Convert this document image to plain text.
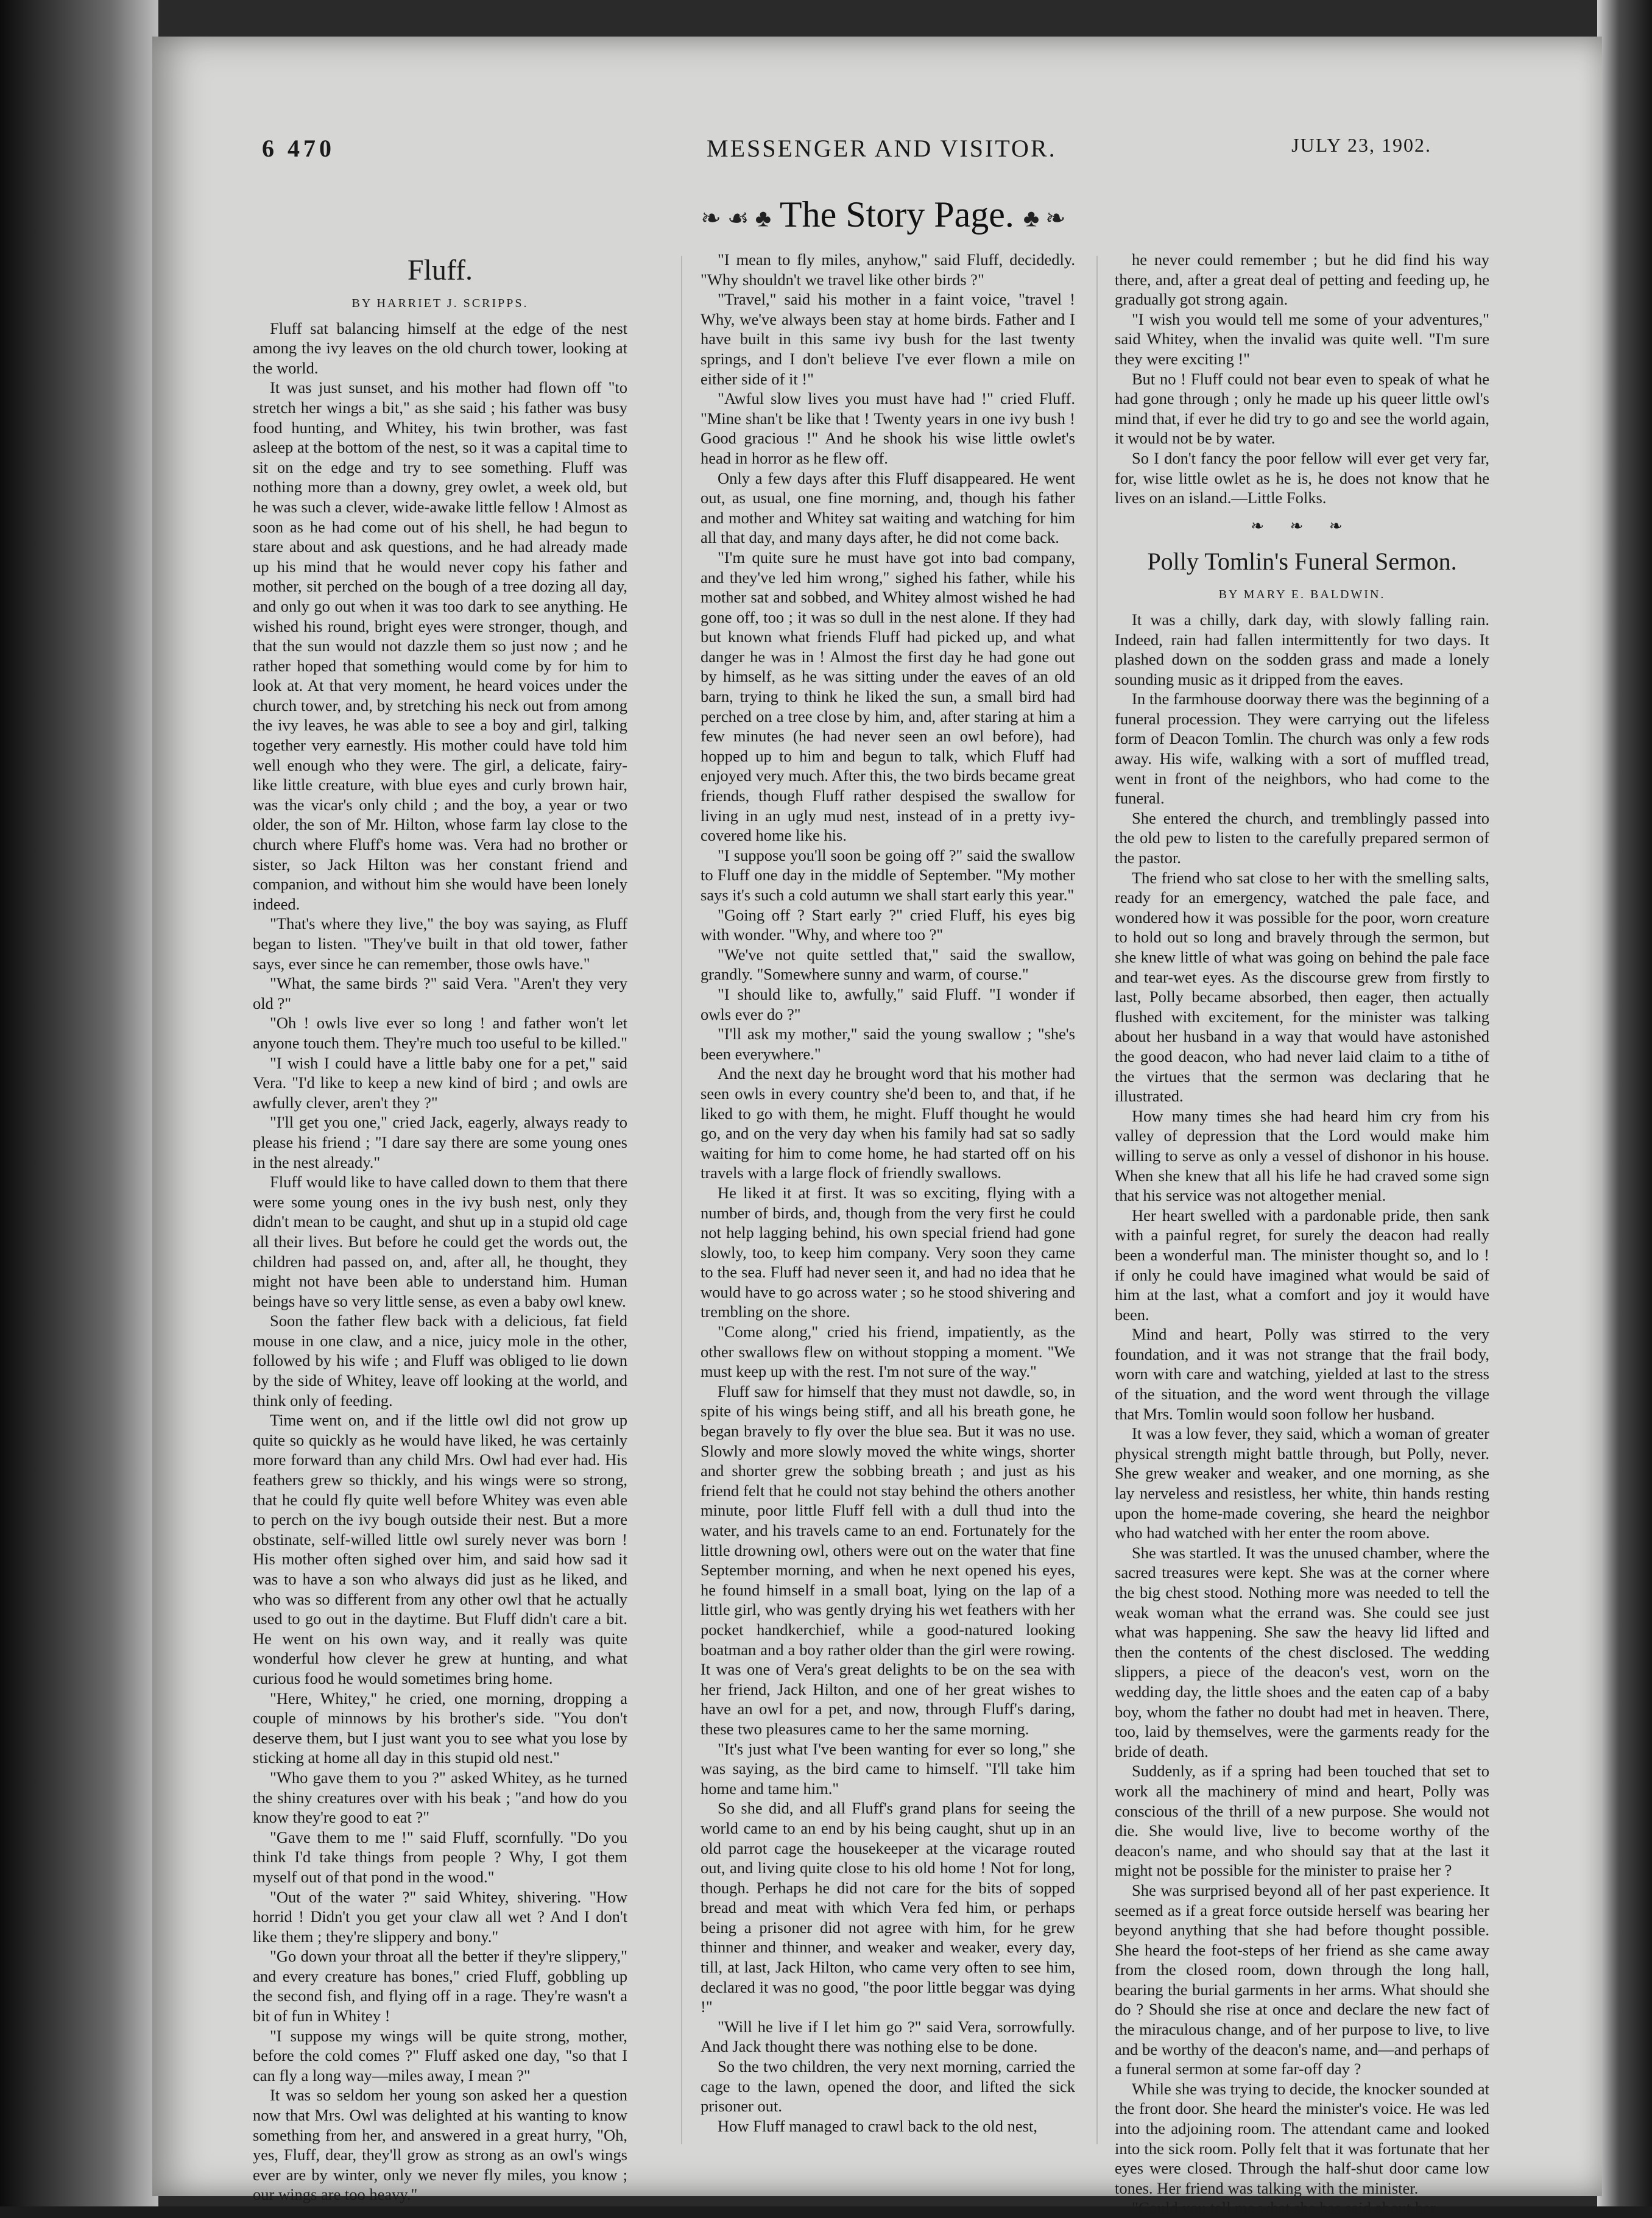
6 470	MESSENGER AND VISITOR.	JULY 23, 1902.
❧ ☙ ♣ The Story Page. ♣ ❧
Fluff.
BY HARRIET J. SCRIPPS.

Fluff sat balancing himself at the edge of the nest among the ivy leaves on the old church tower, looking at the world.

It was just sunset, and his mother had flown off "to stretch her wings a bit," as she said ; his father was busy food hunting, and Whitey, his twin brother, was fast asleep at the bottom of the nest, so it was a capital time to sit on the edge and try to see something. Fluff was nothing more than a downy, grey owlet, a week old, but he was such a clever, wide-awake little fellow ! Almost as soon as he had come out of his shell, he had begun to stare about and ask questions, and he had already made up his mind that he would never copy his father and mother, sit perched on the bough of a tree dozing all day, and only go out when it was too dark to see anything. He wished his round, bright eyes were stronger, though, and that the sun would not dazzle them so just now ; and he rather hoped that something would come by for him to look at. At that very moment, he heard voices under the church tower, and, by stretching his neck out from among the ivy leaves, he was able to see a boy and girl, talking together very earnestly. His mother could have told him well enough who they were. The girl, a delicate, fairy-like little creature, with blue eyes and curly brown hair, was the vicar's only child ; and the boy, a year or two older, the son of Mr. Hilton, whose farm lay close to the church where Fluff's home was. Vera had no brother or sister, so Jack Hilton was her constant friend and companion, and without him she would have been lonely indeed.

"That's where they live," the boy was saying, as Fluff began to listen. "They've built in that old tower, father says, ever since he can remember, those owls have."

"What, the same birds ?" said Vera. "Aren't they very old ?"

"Oh ! owls live ever so long ! and father won't let anyone touch them. They're much too useful to be killed."

"I wish I could have a little baby one for a pet," said Vera. "I'd like to keep a new kind of bird ; and owls are awfully clever, aren't they ?"

"I'll get you one," cried Jack, eagerly, always ready to please his friend ; "I dare say there are some young ones in the nest already."

Fluff would like to have called down to them that there were some young ones in the ivy bush nest, only they didn't mean to be caught, and shut up in a stupid old cage all their lives. But before he could get the words out, the children had passed on, and, after all, he thought, they might not have been able to understand him. Human beings have so very little sense, as even a baby owl knew.

Soon the father flew back with a delicious, fat field mouse in one claw, and a nice, juicy mole in the other, followed by his wife ; and Fluff was obliged to lie down by the side of Whitey, leave off looking at the world, and think only of feeding.

Time went on, and if the little owl did not grow up quite so quickly as he would have liked, he was certainly more forward than any child Mrs. Owl had ever had. His feathers grew so thickly, and his wings were so strong, that he could fly quite well before Whitey was even able to perch on the ivy bough outside their nest. But a more obstinate, self-willed little owl surely never was born ! His mother often sighed over him, and said how sad it was to have a son who always did just as he liked, and who was so different from any other owl that he actually used to go out in the daytime. But Fluff didn't care a bit. He went on his own way, and it really was quite wonderful how clever he grew at hunting, and what curious food he would sometimes bring home.

"Here, Whitey," he cried, one morning, dropping a couple of minnows by his brother's side. "You don't deserve them, but I just want you to see what you lose by sticking at home all day in this stupid old nest."

"Who gave them to you ?" asked Whitey, as he turned the shiny creatures over with his beak ; "and how do you know they're good to eat ?"

"Gave them to me !" said Fluff, scornfully. "Do you think I'd take things from people ? Why, I got them myself out of that pond in the wood."

"Out of the water ?" said Whitey, shivering. "How horrid ! Didn't you get your claw all wet ? And I don't like them ; they're slippery and bony."

"Go down your throat all the better if they're slippery," and every creature has bones," cried Fluff, gobbling up the second fish, and flying off in a rage. They're wasn't a bit of fun in Whitey !

"I suppose my wings will be quite strong, mother, before the cold comes ?" Fluff asked one day, "so that I can fly a long way—miles away, I mean ?"

It was so seldom her young son asked her a question now that Mrs. Owl was delighted at his wanting to know something from her, and answered in a great hurry, "Oh, yes, Fluff, dear, they'll grow as strong as an owl's wings ever are by winter, only we never fly miles, you know ; our wings are too heavy."

"I mean to fly miles, anyhow," said Fluff, decidedly. "Why shouldn't we travel like other birds ?"

"Travel," said his mother in a faint voice, "travel ! Why, we've always been stay at home birds. Father and I have built in this same ivy bush for the last twenty springs, and I don't believe I've ever flown a mile on either side of it !"

"Awful slow lives you must have had !" cried Fluff. "Mine shan't be like that ! Twenty years in one ivy bush ! Good gracious !" And he shook his wise little owlet's head in horror as he flew off.

Only a few days after this Fluff disappeared. He went out, as usual, one fine morning, and, though his father and mother and Whitey sat waiting and watching for him all that day, and many days after, he did not come back.

"I'm quite sure he must have got into bad company, and they've led him wrong," sighed his father, while his mother sat and sobbed, and Whitey almost wished he had gone off, too ; it was so dull in the nest alone. If they had but known what friends Fluff had picked up, and what danger he was in ! Almost the first day he had gone out by himself, as he was sitting under the eaves of an old barn, trying to think he liked the sun, a small bird had perched on a tree close by him, and, after staring at him a few minutes (he had never seen an owl before), had hopped up to him and begun to talk, which Fluff had enjoyed very much. After this, the two birds became great friends, though Fluff rather despised the swallow for living in an ugly mud nest, instead of in a pretty ivy-covered home like his.

"I suppose you'll soon be going off ?" said the swallow to Fluff one day in the middle of September. "My mother says it's such a cold autumn we shall start early this year."

"Going off ? Start early ?" cried Fluff, his eyes big with wonder. "Why, and where too ?"

"We've not quite settled that," said the swallow, grandly. "Somewhere sunny and warm, of course."

"I should like to, awfully," said Fluff. "I wonder if owls ever do ?"

"I'll ask my mother," said the young swallow ; "she's been everywhere."

And the next day he brought word that his mother had seen owls in every country she'd been to, and that, if he liked to go with them, he might. Fluff thought he would go, and on the very day when his family had sat so sadly waiting for him to come home, he had started off on his travels with a large flock of friendly swallows.

He liked it at first. It was so exciting, flying with a number of birds, and, though from the very first he could not help lagging behind, his own special friend had gone slowly, too, to keep him company. Very soon they came to the sea. Fluff had never seen it, and had no idea that he would have to go across water ; so he stood shivering and trembling on the shore.

"Come along," cried his friend, impatiently, as the other swallows flew on without stopping a moment. "We must keep up with the rest. I'm not sure of the way."

Fluff saw for himself that they must not dawdle, so, in spite of his wings being stiff, and all his breath gone, he began bravely to fly over the blue sea. But it was no use. Slowly and more slowly moved the white wings, shorter and shorter grew the sobbing breath ; and just as his friend felt that he could not stay behind the others another minute, poor little Fluff fell with a dull thud into the water, and his travels came to an end. Fortunately for the little drowning owl, others were out on the water that fine September morning, and when he next opened his eyes, he found himself in a small boat, lying on the lap of a little girl, who was gently drying his wet feathers with her pocket handkerchief, while a good-natured looking boatman and a boy rather older than the girl were rowing. It was one of Vera's great delights to be on the sea with her friend, Jack Hilton, and one of her great wishes to have an owl for a pet, and now, through Fluff's daring, these two pleasures came to her the same morning.

"It's just what I've been wanting for ever so long," she was saying, as the bird came to himself. "I'll take him home and tame him."

So she did, and all Fluff's grand plans for seeing the world came to an end by his being caught, shut up in an old parrot cage the housekeeper at the vicarage routed out, and living quite close to his old home ! Not for long, though. Perhaps he did not care for the bits of sopped bread and meat with which Vera fed him, or perhaps being a prisoner did not agree with him, for he grew thinner and thinner, and weaker and weaker, every day, till, at last, Jack Hilton, who came very often to see him, declared it was no good, "the poor little beggar was dying !"

"Will he live if I let him go ?" said Vera, sorrowfully. And Jack thought there was nothing else to be done.

So the two children, the very next morning, carried the cage to the lawn, opened the door, and lifted the sick prisoner out.

How Fluff managed to crawl back to the old nest,

he never could remember ; but he did find his way there, and, after a great deal of petting and feeding up, he gradually got strong again.

"I wish you would tell me some of your adventures," said Whitey, when the invalid was quite well. "I'm sure they were exciting !"

But no ! Fluff could not bear even to speak of what he had gone through ; only he made up his queer little owl's mind that, if ever he did try to go and see the world again, it would not be by water.

So I don't fancy the poor fellow will ever get very far, for, wise little owlet as he is, he does not know that he lives on an island.—Little Folks.

❧ ❧ ❧
Polly Tomlin's Funeral Sermon.
BY MARY E. BALDWIN.

It was a chilly, dark day, with slowly falling rain. Indeed, rain had fallen intermittently for two days. It plashed down on the sodden grass and made a lonely sounding music as it dripped from the eaves.

In the farmhouse doorway there was the beginning of a funeral procession. They were carrying out the lifeless form of Deacon Tomlin. The church was only a few rods away. His wife, walking with a sort of muffled tread, went in front of the neighbors, who had come to the funeral.

She entered the church, and tremblingly passed into the old pew to listen to the carefully prepared sermon of the pastor.

The friend who sat close to her with the smelling salts, ready for an emergency, watched the pale face, and wondered how it was possible for the poor, worn creature to hold out so long and bravely through the sermon, but she knew little of what was going on behind the pale face and tear-wet eyes. As the discourse grew from firstly to last, Polly became absorbed, then eager, then actually flushed with excitement, for the minister was talking about her husband in a way that would have astonished the good deacon, who had never laid claim to a tithe of the virtues that the sermon was declaring that he illustrated.

How many times she had heard him cry from his valley of depression that the Lord would make him willing to serve as only a vessel of dishonor in his house. When she knew that all his life he had craved some sign that his service was not altogether menial.

Her heart swelled with a pardonable pride, then sank with a painful regret, for surely the deacon had really been a wonderful man. The minister thought so, and lo ! if only he could have imagined what would be said of him at the last, what a comfort and joy it would have been.

Mind and heart, Polly was stirred to the very foundation, and it was not strange that the frail body, worn with care and watching, yielded at last to the stress of the situation, and the word went through the village that Mrs. Tomlin would soon follow her husband.

It was a low fever, they said, which a woman of greater physical strength might battle through, but Polly, never. She grew weaker and weaker, and one morning, as she lay nerveless and resistless, her white, thin hands resting upon the home-made covering, she heard the neighbor who had watched with her enter the room above.

She was startled. It was the unused chamber, where the sacred treasures were kept. She was at the corner where the big chest stood. Nothing more was needed to tell the weak woman what the errand was. She could see just what was happening. She saw the heavy lid lifted and then the contents of the chest disclosed. The wedding slippers, a piece of the deacon's vest, worn on the wedding day, the little shoes and the eaten cap of a baby boy, whom the father no doubt had met in heaven. There, too, laid by themselves, were the garments ready for the bride of death.

Suddenly, as if a spring had been touched that set to work all the machinery of mind and heart, Polly was conscious of the thrill of a new purpose. She would not die. She would live, live to become worthy of the deacon's name, and who should say that at the last it might not be possible for the minister to praise her ?

She was surprised beyond all of her past experience. It seemed as if a great force outside herself was bearing her beyond anything that she had before thought possible. She heard the foot-steps of her friend as she came away from the closed room, down through the long hall, bearing the burial garments in her arms. What should she do ? Should she rise at once and declare the new fact of the miraculous change, and of her purpose to live, to live and be worthy of the deacon's name, and—and perhaps of a funeral sermon at some far-off day ?

While she was trying to decide, the knocker sounded at the front door. She heard the minister's voice. He was led into the adjoining room. The attendant came and looked into the sick room. Polly felt that it was fortunate that her eyes were closed. Through the half-shut door came low tones. Her friend was talking with the minister.

"Could you tell me what she has said about her
